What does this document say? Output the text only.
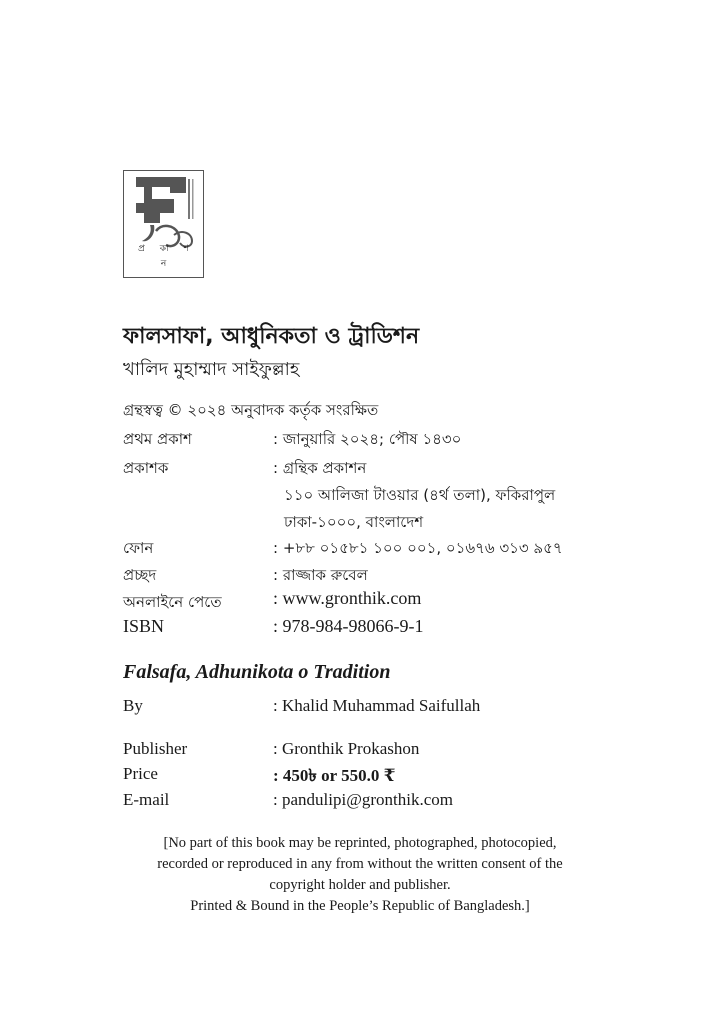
প্র কা শ ন
ফালসাফা, আধুনিকতা ও ট্রাডিশন
খালিদ মুহাম্মাদ সাইফুল্লাহ
গ্রন্থস্বত্ব © ২০২৪ অনুবাদক কর্তৃক সংরক্ষিত
প্রথম প্রকাশ	: জানুয়ারি ২০২৪; পৌষ ১৪৩০
প্রকাশক	: গ্রন্থিক প্রকাশন
১১০ আলিজা টাওয়ার (৪র্থ তলা), ফকিরাপুল
ঢাকা-১০০০, বাংলাদেশ
ফোন	: +৮৮ ০১৫৮১ ১০০ ০০১, ০১৬৭৬ ৩১৩ ৯৫৭
প্রচ্ছদ	: রাজ্জাক রুবেল
অনলাইনে পেতে	: www.gronthik.com
ISBN	: 978-984-98066-9-1
Falsafa, Adhunikota o Tradition
By	: Khalid Muhammad Saifullah
Publisher	: Gronthik Prokashon
Price	: 450৳ or 550.0 ₹
E-mail	: pandulipi@gronthik.com
[No part of this book may be reprinted, photographed, photocopied,
recorded or reproduced in any from without the written consent of the
copyright holder and publisher.
Printed & Bound in the People’s Republic of Bangladesh.]
